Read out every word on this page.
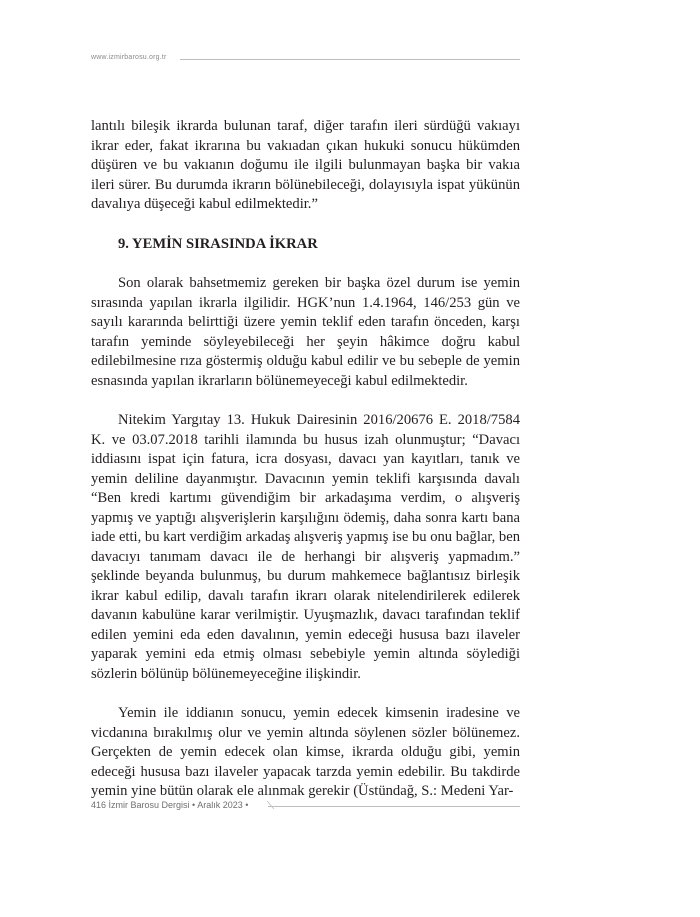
www.izmirbarosu.org.tr

lantılı bileşik ikrarda bulunan taraf, diğer tarafın ileri sürdüğü vakıayı ikrar eder, fakat ikrarına bu vakıadan çıkan hukuki sonucu hükümden düşüren ve bu vakıanın doğumu ile ilgili bulunmayan başka bir vakıa ileri sürer. Bu durumda ikrarın bölünebileceği, dolayısıyla ispat yükünün davalıya düşeceği kabul edilmektedir.”

9. YEMİN SIRASINDA İKRAR

Son olarak bahsetmemiz gereken bir başka özel durum ise yemin sırasında yapılan ikrarla ilgilidir. HGK’nun 1.4.1964, 146/253 gün ve sayılı kararında belirttiği üzere yemin teklif eden tarafın önceden, karşı tarafın yeminde söyleyebileceği her şeyin hâkimce doğru kabul edilebilmesine rıza göstermiş olduğu kabul edilir ve bu sebeple de yemin esnasında yapılan ikrarların bölünemeyeceği kabul edilmektedir.

Nitekim Yargıtay 13. Hukuk Dairesinin 2016/20676 E. 2018/7584 K. ve 03.07.2018 tarihli ilamında bu husus izah olunmuştur; “Davacı iddiasını ispat için fatura, icra dosyası, davacı yan kayıtları, tanık ve yemin deliline dayanmıştır. Davacının yemin teklifi karşısında davalı “Ben kredi kartımı güvendiğim bir arkadaşıma verdim, o alışveriş yapmış ve yaptığı alışverişlerin karşılığını ödemiş, daha sonra kartı bana iade etti, bu kart verdiğim arkadaş alışveriş yapmış ise bu onu bağlar, ben davacıyı tanımam davacı ile de herhangi bir alışveriş yapmadım.” şeklinde beyanda bulunmuş, bu durum mahkemece bağlantısız birleşik ikrar kabul edilip, davalı tarafın ikrarı olarak nitelendirilerek edilerek davanın kabulüne karar verilmiştir. Uyuşmazlık, davacı tarafından teklif edilen yemini eda eden davalının, yemin edeceği hususa bazı ilaveler yaparak yemini eda etmiş olması sebebiyle yemin altında söylediği sözlerin bölünüp bölünemeyeceğine ilişkindir.

Yemin ile iddianın sonucu, yemin edecek kimsenin iradesine ve vicdanına bırakılmış olur ve yemin altında söylenen sözler bölünemez. Gerçekten de yemin edecek olan kimse, ikrarda olduğu gibi, yemin edeceği hususa bazı ilaveler yapacak tarzda yemin edebilir. Bu takdirde yemin yine bütün olarak ele alınmak gerekir (Üstündağ, S.: Medeni Yar-

416 İzmir Barosu Dergisi • Aralık 2023 •
